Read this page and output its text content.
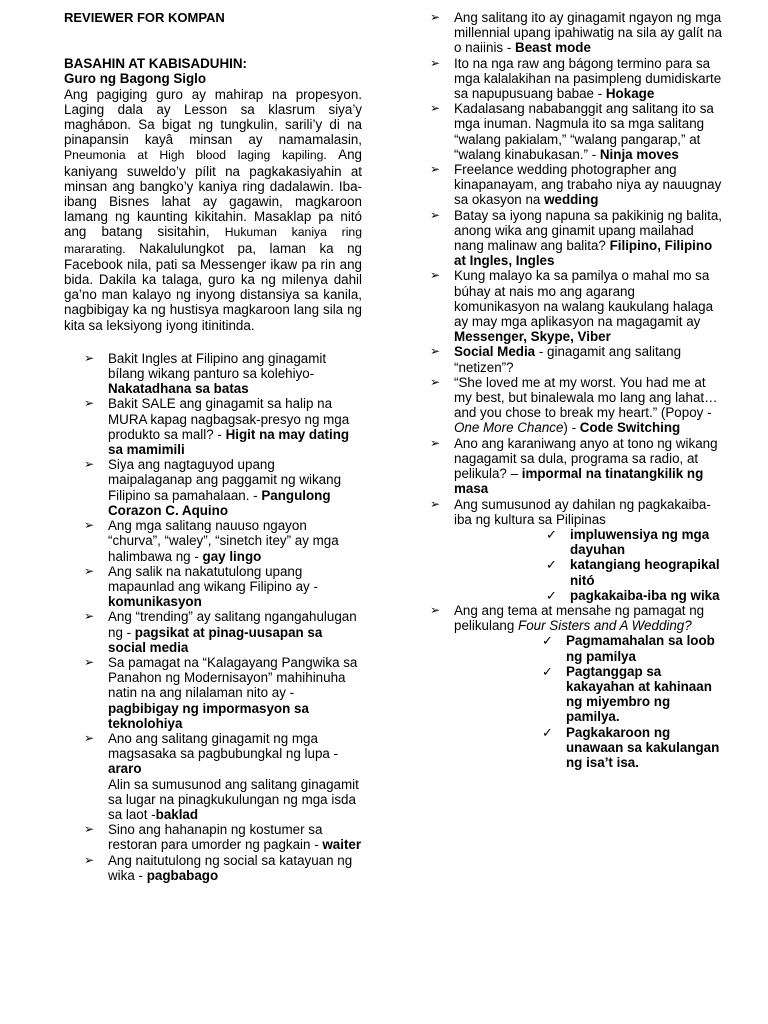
REVIEWER FOR KOMPAN
BASAHIN AT KABISADUHIN:
Guro ng Bagong Siglo
Ang pagiging guro ay mahirap na propesyon. Laging dala ay Lesson sa klasrum siya’y magháɒon. Sa bigat ng tungkulin, sarili’y di na pinapansin kayâ minsan ay namamalasin, Pneumonia at High blood laging kapiling. Ang kaniyang suweldo’y pílit na pagkakasiyahin at minsan ang bangko’y kaniya ring dadalawin. Iba-ibang Bisnes lahat ay gagawin, magkaroon lamang ng kaunting kikitahin. Masaklap pa nitó ang batang sisitahin, Hukuman kaniya ring mararating. Nakalulungkot pa, laman ka ng Facebook nila, pati sa Messenger ikaw pa rin ang bida. Dakila ka talaga, guro ka ng milenya dahil ga’no man kalayo ng inyong distansiya sa kanila, nagbibigay ka ng hustisya magkaroon lang sila ng kita sa leksiyong iyong itinitinda.
➢ Bakit Ingles at Filipino ang ginagamit bílang wikang panturo sa kolehiyo- Nakatadhana sa batas
➢ Bakit SALE ang ginagamit sa halip na MURA kapag nagbagsak-presyo ng mga produkto sa mall? - Higit na may dating sa mamimili
➢ Siya ang nagtaguyod upang maipalaganap ang paggamit ng wikang Filipino sa pamahalaan. - Pangulong Corazon C. Aquino
➢ Ang mga salitang nauuso ngayon “churva”, “waley”, “sinetch itey” ay mga halimbawa ng - gay lingo
➢ Ang salik na nakatutulong upang mapaunlad ang wikang Filipino ay - komunikasyon
➢ Ang “trending” ay salitang ngangahulugan ng - pagsikat at pinag-uusapan sa social media
➢ Sa pamagat na “Kalagayang Pangwika sa Panahon ng Modernisayon” mahihinuha natin na ang nilalaman nito ay - pagbibigay ng impormasyon sa teknolohiya
➢ Ano ang salitang ginagamit ng mga magsasaka sa pagbubungkal ng lupa - araro
Alin sa sumusunod ang salitang ginagamit sa lugar na pinagkukulungan ng mga isda sa laot -baklad
➢ Sino ang hahanapin ng kostumer sa restoran para umorder ng pagkain - waiter
➢ Ang naitutulong ng social sa katayuan ng wika - pagbabago
➢ Ang salitang ito ay ginagamit ngayon ng mga millennial upang ipahiwatig na sila ay galít na o naiinis - Beast mode
➢ Ito na nga raw ang bágong termino para sa mga kalalakihan na pasimpleng dumidiskarte sa napupusuang babae - Hokage
➢ Kadalasang nababanggit ang salitang ito sa mga inuman. Nagmula ito sa mga salitang “walang pakialam,” “walang pangarap,” at “walang kinabukasan.” - Ninja moves
➢ Freelance wedding photographer ang kinapanayam, ang trabaho niya ay nauugnay sa okasyon na wedding
➢ Batay sa iyong napuna sa pakikinig ng balita, anong wika ang ginamit upang mailahad nang malinaw ang balita? Filipino, Filipino at Ingles, Ingles
➢ Kung malayo ka sa pamilya o mahal mo sa búhay at nais mo ang agarang komunikasyon na walang kaukulang halaga ay may mga aplikasyon na magagamit ay Messenger, Skype, Viber
➢ Social Media - ginagamit ang salitang “netizen”?
➢ “She loved me at my worst. You had me at my best, but binalewala mo lang ang lahat…and you chose to break my heart.” (Popoy - One More Chance) - Code Switching
➢ Ano ang karaniwang anyo at tono ng wikang nagagamit sa dula, programa sa radio, at pelikula? – impormal na tinatangkilik ng masa
➢ Ang sumusunod ay dahilan ng pagkakaiba-iba ng kultura sa Pilipinas
✓ impluwensiya ng mga dayuhan
✓ katangiang heograpikal nitó
✓ pagkakaiba-iba ng wika
➢ Ang ang tema at mensahe ng pamagat ng pelikulang Four Sisters and A Wedding?
✓ Pagmamahalan sa loob ng pamilya
✓ Pagtanggap sa kakayahan at kahinaan ng miyembro ng pamilya.
✓ Pagkakaroon ng unawaan sa kakulangan ng isa’t isa.
